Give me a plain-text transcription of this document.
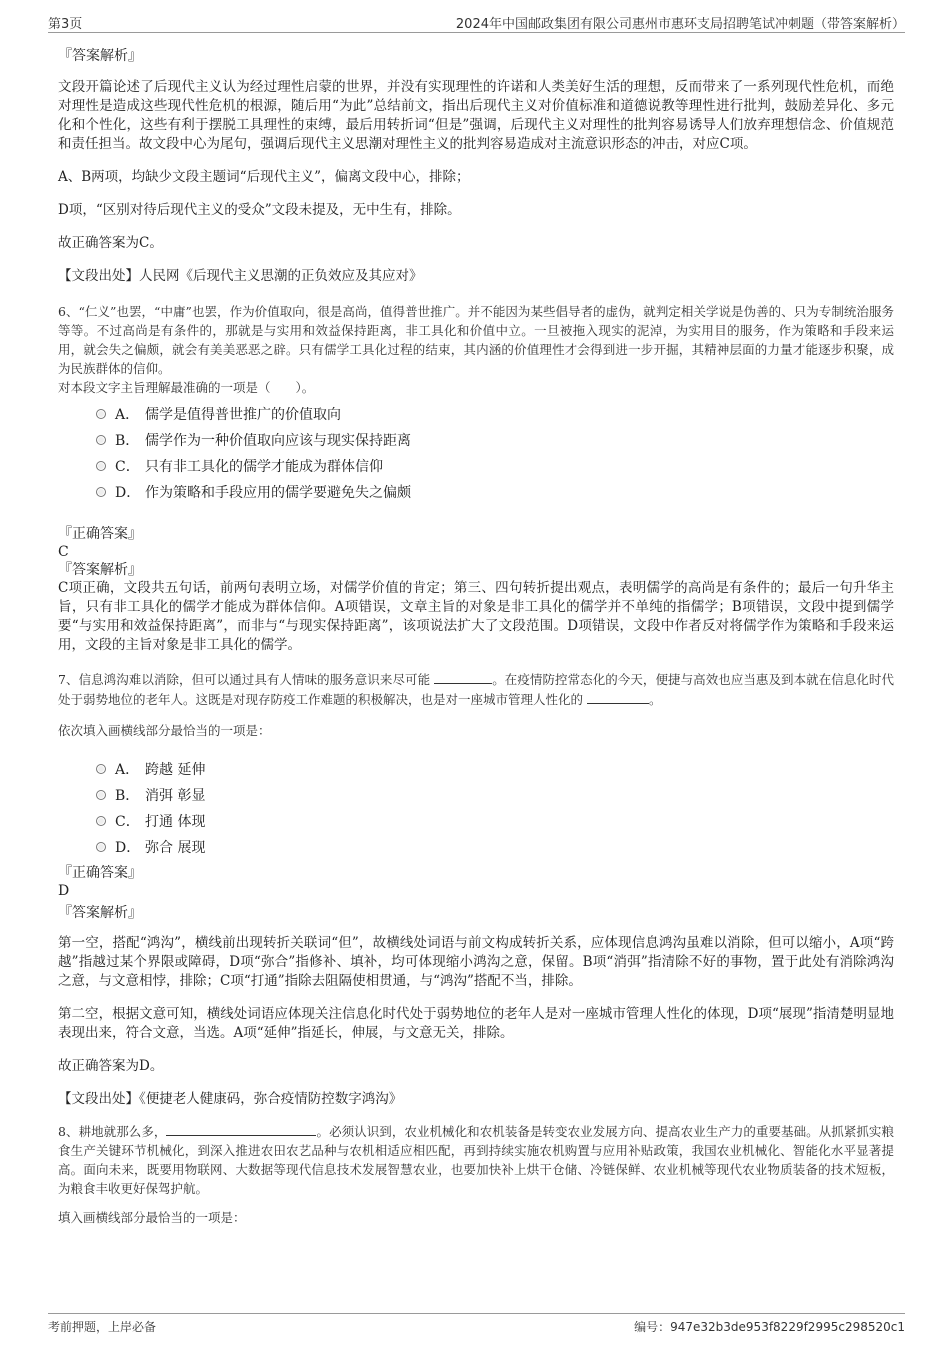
第3页	2024年中国邮政集团有限公司惠州市惠环支局招聘笔试冲刺题（带答案解析）

『答案解析』

文段开篇论述了后现代主义认为经过理性启蒙的世界，并没有实现理性的许诺和人类美好生活的理想，反而带来了一系列现代性危机，而绝对理性是造成这些现代性危机的根源，随后用“为此”总结前文，指出后现代主义对价值标准和道德说教等理性进行批判，鼓励差异化、多元化和个性化，这些有利于摆脱工具理性的束缚，最后用转折词“但是”强调，后现代主义对理性的批判容易诱导人们放弃理想信念、价值规范和责任担当。故文段中心为尾句，强调后现代主义思潮对理性主义的批判容易造成对主流意识形态的冲击，对应C项。

A、B两项，均缺少文段主题词“后现代主义”，偏离文段中心，排除；

D项，“区别对待后现代主义的受众”文段未提及，无中生有，排除。

故正确答案为C。

【文段出处】人民网《后现代主义思潮的正负效应及其应对》

6、“仁义”也罢，“中庸”也罢，作为价值取向，很是高尚，值得普世推广。并不能因为某些倡导者的虚伪，就判定相关学说是伪善的、只为专制统治服务等等。不过高尚是有条件的，那就是与实用和效益保持距离，非工具化和价值中立。一旦被拖入现实的泥淖，为实用目的服务，作为策略和手段来运用，就会失之偏颇，就会有美美恶恶之辟。只有儒学工具化过程的结束，其内涵的价值理性才会得到进一步开掘，其精神层面的力量才能逐步积聚，成为民族群体的信仰。

对本段文字主旨理解最准确的一项是（　　）。

A． 儒学是值得普世推广的价值取向
B． 儒学作为一种价值取向应该与现实保持距离
C． 只有非工具化的儒学才能成为群体信仰
D． 作为策略和手段应用的儒学要避免失之偏颇

『正确答案』

C

『答案解析』

C项正确，文段共五句话，前两句表明立场，对儒学价值的肯定；第三、四句转折提出观点，表明儒学的高尚是有条件的；最后一句升华主旨，只有非工具化的儒学才能成为群体信仰。A项错误，文章主旨的对象是非工具化的儒学并不单纯的指儒学；B项错误，文段中提到儒学要“与实用和效益保持距离”，而非与“与现实保持距离”，该项说法扩大了文段范围。D项错误，文段中作者反对将儒学作为策略和手段来运用，文段的主旨对象是非工具化的儒学。

7、信息鸿沟难以消除，但可以通过具有人情味的服务意识来尽可能	。在疫情防控常态化的今天，便捷与高效也应当惠及到本就在信息化时代处于弱势地位的老年人。这既是对现存防疫工作难题的积极解决，也是对一座城市管理人性化的	。

依次填入画横线部分最恰当的一项是：

A． 跨越 延伸
B． 消弭 彰显
C． 打通 体现
D． 弥合 展现

『正确答案』

D

『答案解析』

第一空，搭配“鸿沟”，横线前出现转折关联词“但”，故横线处词语与前文构成转折关系，应体现信息鸿沟虽难以消除，但可以缩小，A项“跨越”指越过某个界限或障碍，D项“弥合”指修补、填补，均可体现缩小鸿沟之意，保留。B项“消弭”指清除不好的事物，置于此处有消除鸿沟之意，与文意相悖，排除；C项“打通”指除去阻隔使相贯通，与“鸿沟”搭配不当，排除。

第二空，根据文意可知，横线处词语应体现关注信息化时代处于弱势地位的老年人是对一座城市管理人性化的体现，D项“展现”指清楚明显地表现出来，符合文意，当选。A项“延伸”指延长，伸展，与文意无关，排除。

故正确答案为D。

【文段出处】《便捷老人健康码，弥合疫情防控数字鸿沟》

8、耕地就那么多，	。必须认识到，农业机械化和农机装备是转变农业发展方向、提高农业生产力的重要基础。从抓紧抓实粮食生产关键环节机械化，到深入推进农田农艺品种与农机相适应相匹配，再到持续实施农机购置与应用补贴政策，我国农业机械化、智能化水平显著提高。面向未来，既要用物联网、大数据等现代信息技术发展智慧农业，也要加快补上烘干仓储、冷链保鲜、农业机械等现代农业物质装备的技术短板，为粮食丰收更好保驾护航。

填入画横线部分最恰当的一项是：

考前押题，上岸必备	编号：947e32b3de953f8229f2995c298520c1
